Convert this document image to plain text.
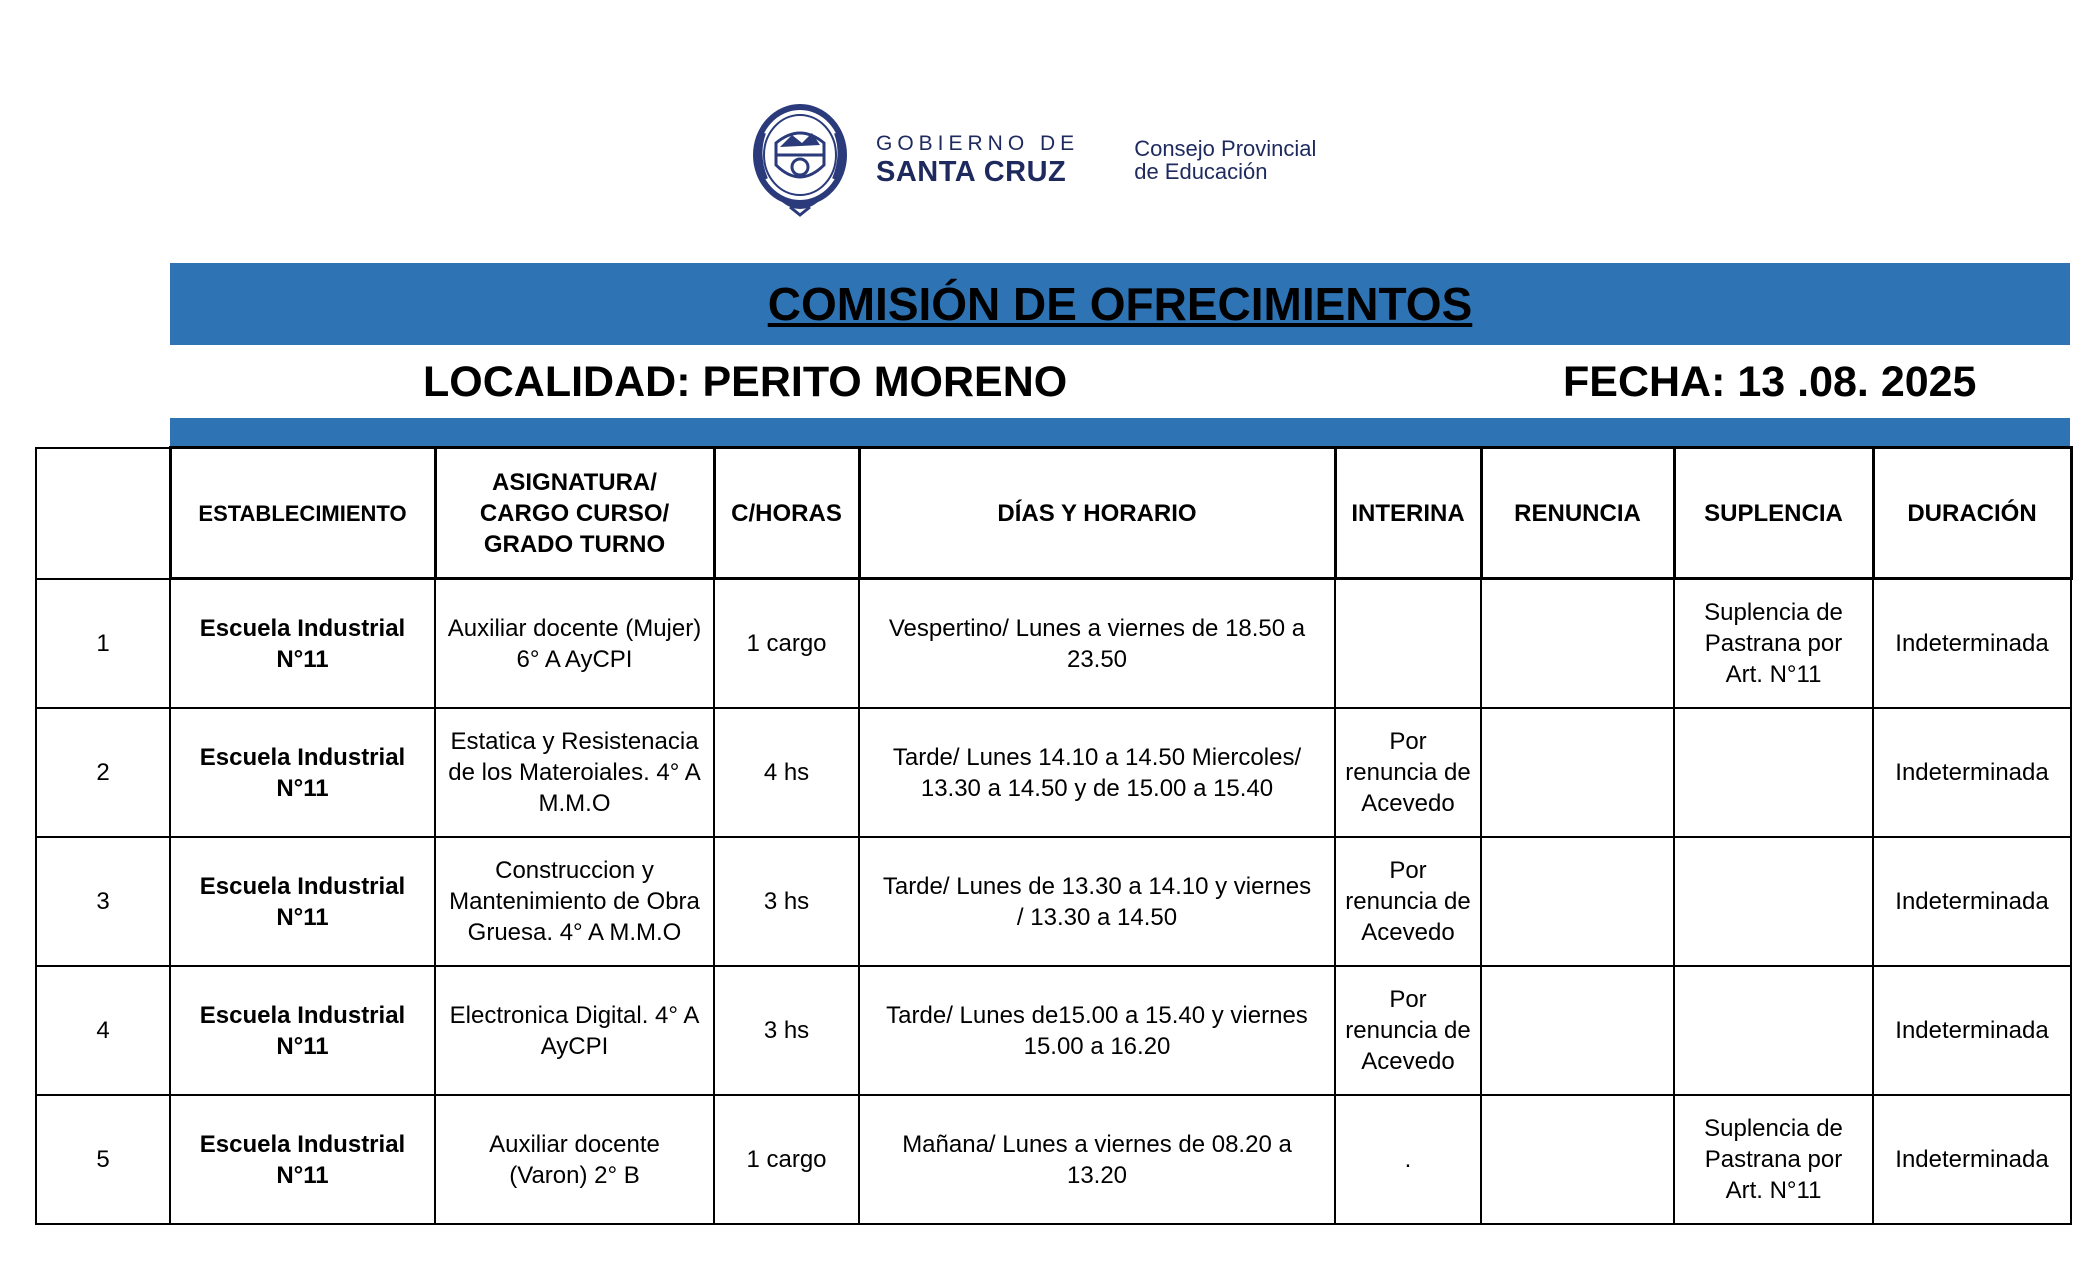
GOBIERNO DE
SANTA CRUZ
Consejo Provincial
de Educación
COMISIÓN DE OFRECIMIENTOS
LOCALIDAD: PERITO MORENO	FECHA: 13 .08. 2025
	ESTABLECIMIENTO	ASIGNATURA/
CARGO CURSO/
GRADO TURNO	C/HORAS	DÍAS Y HORARIO	INTERINA	RENUNCIA	SUPLENCIA	DURACIÓN
1	Escuela Industrial
N°11	Auxiliar docente (Mujer)
6° A AyCPI	1 cargo	Vespertino/ Lunes a viernes de 18.50 a
23.50			Suplencia de
Pastrana por
Art. N°11	Indeterminada
2	Escuela Industrial
N°11	Estatica y Resistenacia
de los Materoiales. 4° A
M.M.O	4 hs	Tarde/ Lunes 14.10 a 14.50 Miercoles/
13.30 a 14.50 y de 15.00 a 15.40	Por
renuncia de
Acevedo			Indeterminada
3	Escuela Industrial
N°11	Construccion y
Mantenimiento de Obra
Gruesa. 4° A M.M.O	3 hs	Tarde/ Lunes de 13.30 a 14.10 y viernes
/ 13.30 a 14.50	Por
renuncia de
Acevedo			Indeterminada
4	Escuela Industrial
N°11	Electronica Digital. 4° A
AyCPI	3 hs	Tarde/ Lunes de15.00 a 15.40 y viernes
15.00 a 16.20	Por
renuncia de
Acevedo			Indeterminada
5	Escuela Industrial
N°11	Auxiliar docente
(Varon) 2° B	1 cargo	Mañana/ Lunes a viernes de 08.20 a
13.20	.		Suplencia de
Pastrana por
Art. N°11	Indeterminada
